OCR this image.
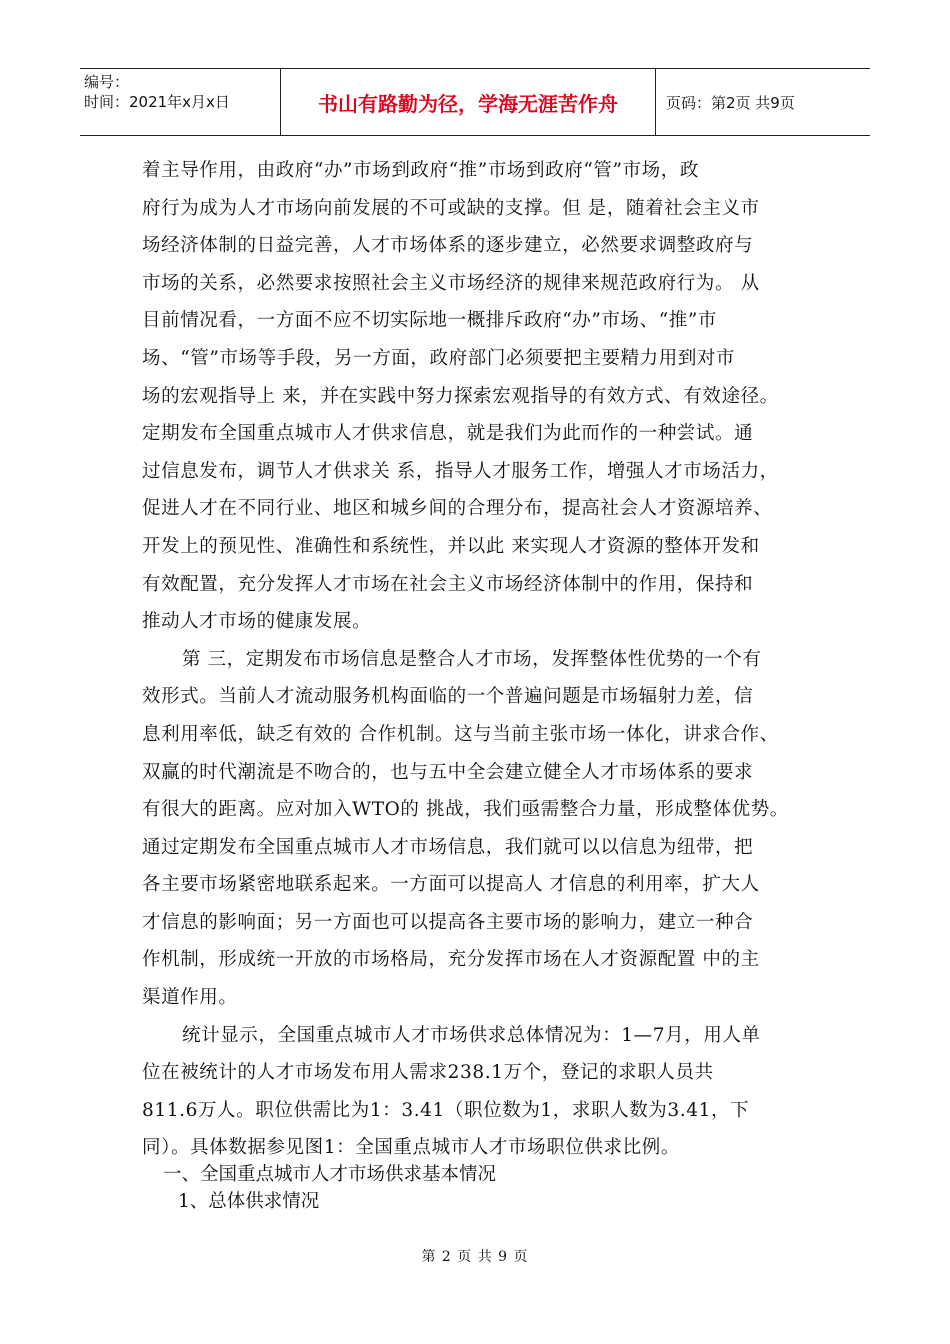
编号：
时间：2021年x月x日	书山有路勤为径，学海无涯苦作舟	页码：第2页 共9页
着主导作用，由政府“办”市场到政府“推”市场到政府“管”市场，政
府行为成为人才市场向前发展的不可或缺的支撑。但 是，随着社会主义市
场经济体制的日益完善，人才市场体系的逐步建立，必然要求调整政府与
市场的关系，必然要求按照社会主义市场经济的规律来规范政府行为。 从
目前情况看，一方面不应不切实际地一概排斥政府“办”市场、“推”市
场、“管”市场等手段，另一方面，政府部门必须要把主要精力用到对市
场的宏观指导上 来，并在实践中努力探索宏观指导的有效方式、有效途径。
定期发布全国重点城市人才供求信息，就是我们为此而作的一种尝试。通
过信息发布，调节人才供求关 系，指导人才服务工作，增强人才市场活力，
促进人才在不同行业、地区和城乡间的合理分布，提高社会人才资源培养、
开发上的预见性、准确性和系统性，并以此 来实现人才资源的整体开发和
有效配置，充分发挥人才市场在社会主义市场经济体制中的作用，保持和
推动人才市场的健康发展。
第 三，定期发布市场信息是整合人才市场，发挥整体性优势的一个有
效形式。当前人才流动服务机构面临的一个普遍问题是市场辐射力差，信
息利用率低，缺乏有效的 合作机制。这与当前主张市场一体化，讲求合作、
双赢的时代潮流是不吻合的，也与五中全会建立健全人才市场体系的要求
有很大的距离。应对加入WTO的 挑战，我们亟需整合力量，形成整体优势。
通过定期发布全国重点城市人才市场信息，我们就可以以信息为纽带，把
各主要市场紧密地联系起来。一方面可以提高人 才信息的利用率，扩大人
才信息的影响面；另一方面也可以提高各主要市场的影响力，建立一种合
作机制，形成统一开放的市场格局，充分发挥市场在人才资源配置 中的主
渠道作用。
统计显示，全国重点城市人才市场供求总体情况为：1—7月，用人单
位在被统计的人才市场发布用人需求238.1万个，登记的求职人员共
811.6万人。职位供需比为1：3.41（职位数为1，求职人数为3.41，下
同）。具体数据参见图1：全国重点城市人才市场职位供求比例。
一、全国重点城市人才市场供求基本情况
1、总体供求情况
第 2 页 共 9 页
